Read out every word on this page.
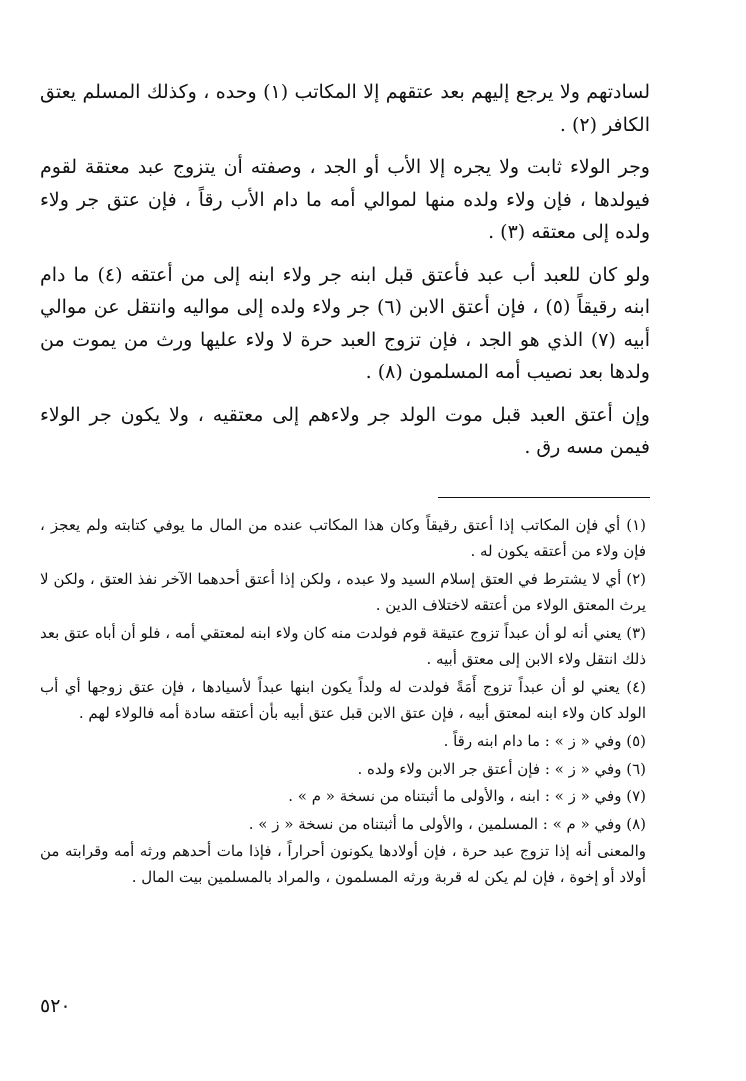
لسادتهم ولا يرجع إليهم بعد عتقهم إلا المكاتب (١) وحده ، وكذلك المسلم يعتق الكافر (٢) .

وجر الولاء ثابت ولا يجره إلا الأب أو الجد ، وصفته أن يتزوج عبد معتقة لقوم فيولدها ، فإن ولاء ولده منها لموالي أمه ما دام الأب رقاً ، فإن عتق جر ولاء ولده إلى معتقه (٣) .

ولو كان للعبد أب عبد فأعتق قبل ابنه جر ولاء ابنه إلى من أعتقه (٤) ما دام ابنه رقيقاً (٥) ، فإن أعتق الابن (٦) جر ولاء ولده إلى مواليه وانتقل عن موالي أبيه (٧) الذي هو الجد ، فإن تزوج العبد حرة لا ولاء عليها ورث من يموت من ولدها بعد نصيب أمه المسلمون (٨) .

وإن أعتق العبد قبل موت الولد جر ولاءهم إلى معتقيه ، ولا يكون جر الولاء فيمن مسه رق .

(١) أي فإن المكاتب إذا أعتق رقيقاً وكان هذا المكاتب عنده من المال ما يوفي كتابته ولم يعجز ، فإن ولاء من أعتقه يكون له .

(٢) أي لا يشترط في العتق إسلام السيد ولا عبده ، ولكن إذا أعتق أحدهما الآخر نفذ العتق ، ولكن لا يرث المعتق الولاء من أعتقه لاختلاف الدين .

(٣) يعني أنه لو أن عبداً تزوج عتيقة قوم فولدت منه كان ولاء ابنه لمعتقي أمه ، فلو أن أباه عتق بعد ذلك انتقل ولاء الابن إلى معتق أبيه .

(٤) يعني لو أن عبداً تزوج أَمَةً فولدت له ولداً يكون ابنها عبداً لأسيادها ، فإن عتق زوجها أي أب الولد كان ولاء ابنه لمعتق أبيه ، فإن عتق الابن قبل عتق أبيه بأن أعتقه سادة أمه فالولاء لهم .

(٥) وفي « ز » : ما دام ابنه رقاً .

(٦) وفي « ز » : فإن أعتق جر الابن ولاء ولده .

(٧) وفي « ز » : ابنه ، والأولى ما أثبتناه من نسخة « م » .

(٨) وفي « م » : المسلمين ، والأولى ما أثبتناه من نسخة « ز » .

والمعنى أنه إذا تزوج عبد حرة ، فإن أولادها يكونون أحراراً ، فإذا مات أحدهم ورثه أمه وقرابته من أولاد أو إخوة ، فإن لم يكن له قربة ورثه المسلمون ، والمراد بالمسلمين بيت المال .

٥٢٠
